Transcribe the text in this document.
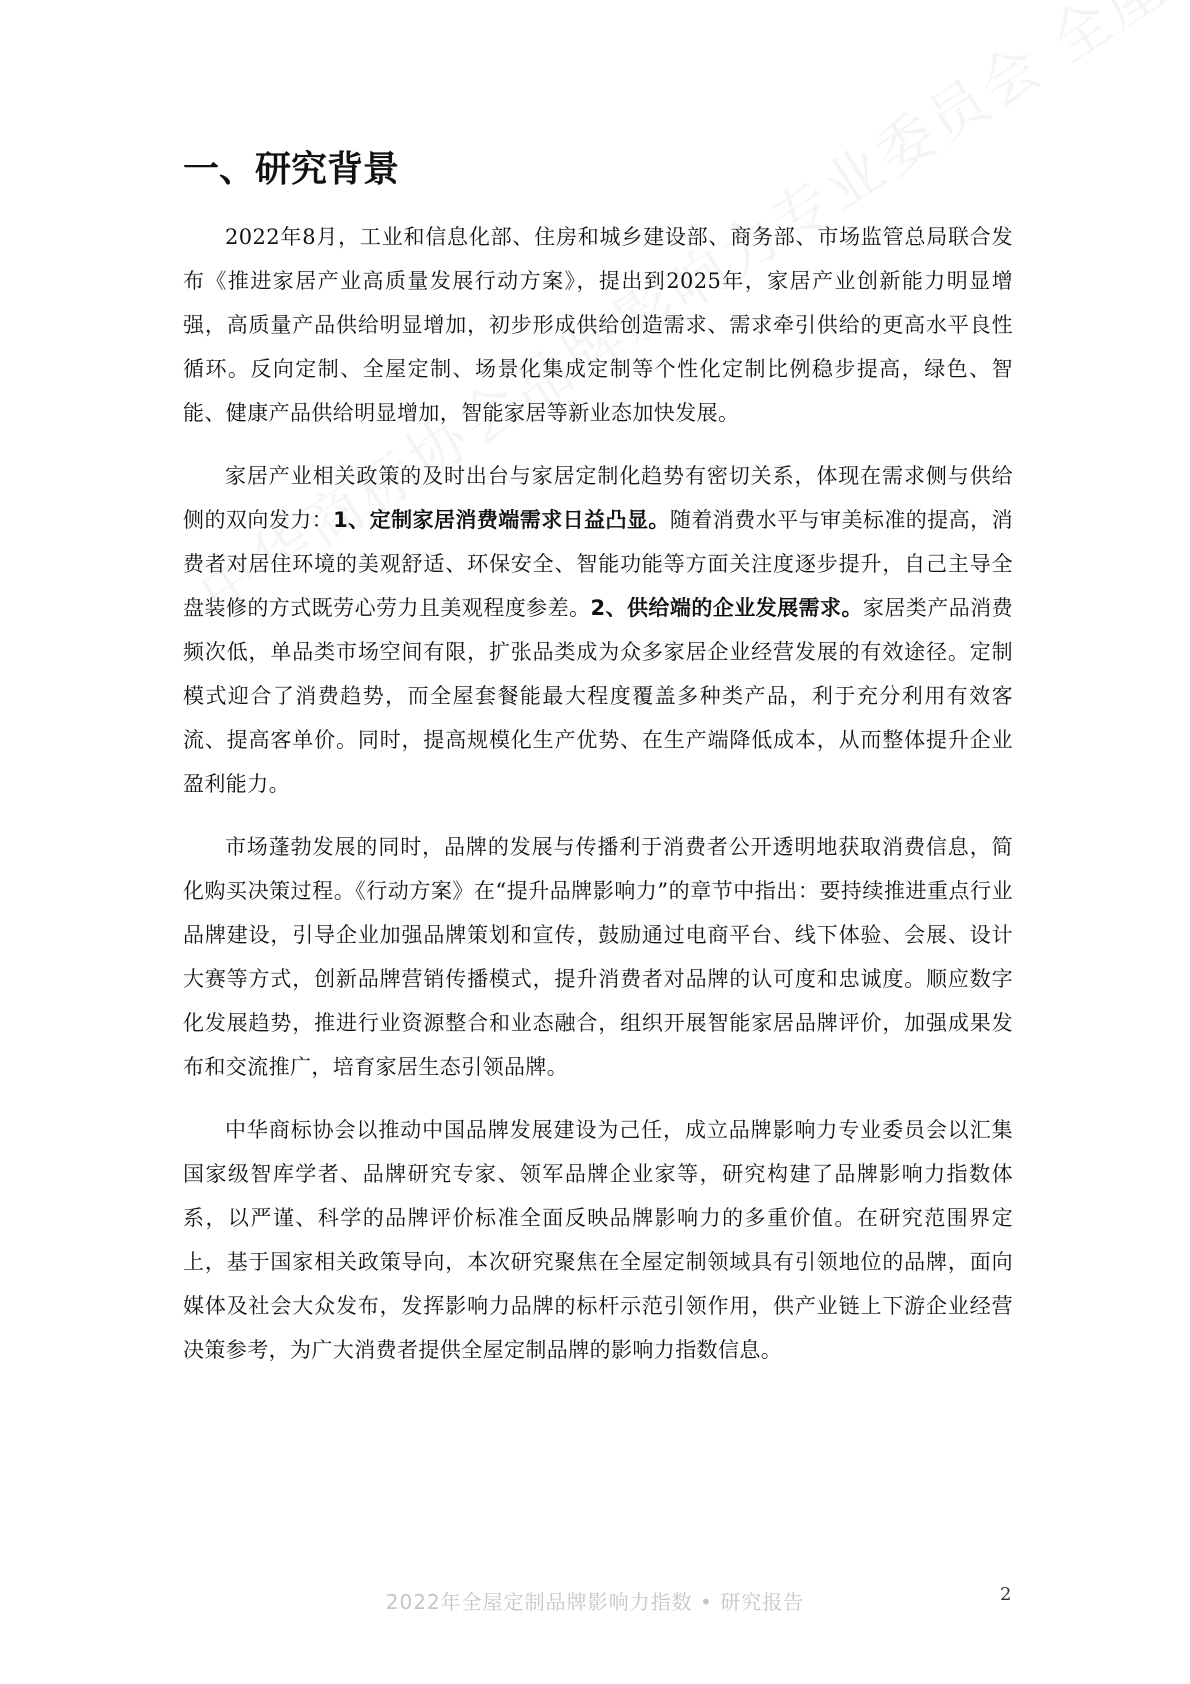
一、研究背景

2022年8月，工业和信息化部、住房和城乡建设部、商务部、市场监管总局联合发布《推进家居产业高质量发展行动方案》，提出到2025年，家居产业创新能力明显增强，高质量产品供给明显增加，初步形成供给创造需求、需求牵引供给的更高水平良性循环。反向定制、全屋定制、场景化集成定制等个性化定制比例稳步提高，绿色、智能、健康产品供给明显增加，智能家居等新业态加快发展。

家居产业相关政策的及时出台与家居定制化趋势有密切关系，体现在需求侧与供给侧的双向发力：1、定制家居消费端需求日益凸显。随着消费水平与审美标准的提高，消费者对居住环境的美观舒适、环保安全、智能功能等方面关注度逐步提升，自己主导全盘装修的方式既劳心劳力且美观程度参差。2、供给端的企业发展需求。家居类产品消费频次低，单品类市场空间有限，扩张品类成为众多家居企业经营发展的有效途径。定制模式迎合了消费趋势，而全屋套餐能最大程度覆盖多种类产品，利于充分利用有效客流、提高客单价。同时，提高规模化生产优势、在生产端降低成本，从而整体提升企业盈利能力。

市场蓬勃发展的同时，品牌的发展与传播利于消费者公开透明地获取消费信息，简化购买决策过程。《行动方案》在“提升品牌影响力”的章节中指出：要持续推进重点行业品牌建设，引导企业加强品牌策划和宣传，鼓励通过电商平台、线下体验、会展、设计大赛等方式，创新品牌营销传播模式，提升消费者对品牌的认可度和忠诚度。顺应数字化发展趋势，推进行业资源整合和业态融合，组织开展智能家居品牌评价，加强成果发布和交流推广，培育家居生态引领品牌。

中华商标协会以推动中国品牌发展建设为己任，成立品牌影响力专业委员会以汇集国家级智库学者、品牌研究专家、领军品牌企业家等，研究构建了品牌影响力指数体系，以严谨、科学的品牌评价标准全面反映品牌影响力的多重价值。在研究范围界定上，基于国家相关政策导向，本次研究聚焦在全屋定制领域具有引领地位的品牌，面向媒体及社会大众发布，发挥影响力品牌的标杆示范引领作用，供产业链上下游企业经营决策参考，为广大消费者提供全屋定制品牌的影响力指数信息。

2022年全屋定制品牌影响力指数 • 研究报告	2
